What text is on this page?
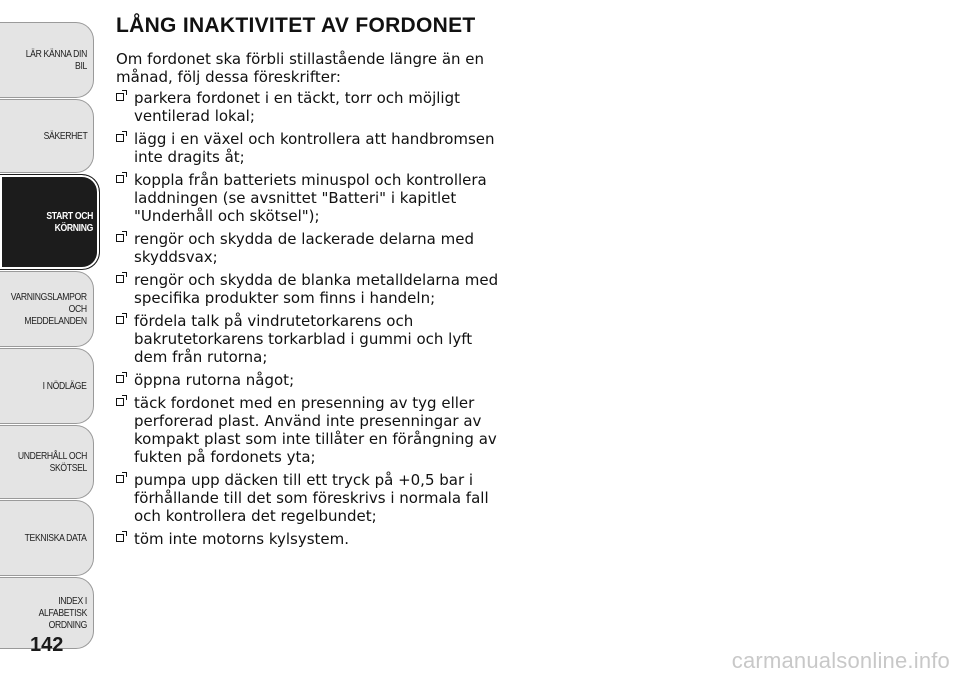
LÄR KÄNNA DIN BIL
SÄKERHET
START OCH KÖRNING
VARNINGSLAMPOR OCH MEDDELANDEN
I NÖDLÄGE
UNDERHÅLL OCH SKÖTSEL
TEKNISKA DATA
INDEX I ALFABETISK ORDNING
142
LÅNG INAKTIVITET AV FORDONET

Om fordonet ska förbli stillastående längre än en månad, följ dessa föreskrifter:

parkera fordonet i en täckt, torr och möjligt ventilerad lokal;
lägg i en växel och kontrollera att handbromsen inte dragits åt;
koppla från batteriets minuspol och kontrollera laddningen (se avsnittet "Batteri" i kapitlet "Underhåll och skötsel");
rengör och skydda de lackerade delarna med skyddsvax;
rengör och skydda de blanka metalldelarna med specifika produkter som finns i handeln;
fördela talk på vindrutetorkarens och bakrutetorkarens torkarblad i gummi och lyft dem från rutorna;
öppna rutorna något;
täck fordonet med en presenning av tyg eller perforerad plast. Använd inte presenningar av kompakt plast som inte tillåter en förångning av fukten på fordonets yta;
pumpa upp däcken till ett tryck på +0,5 bar i förhållande till det som föreskrivs i normala fall och kontrollera det regelbundet;
töm inte motorns kylsystem.
carmanualsonline.info
